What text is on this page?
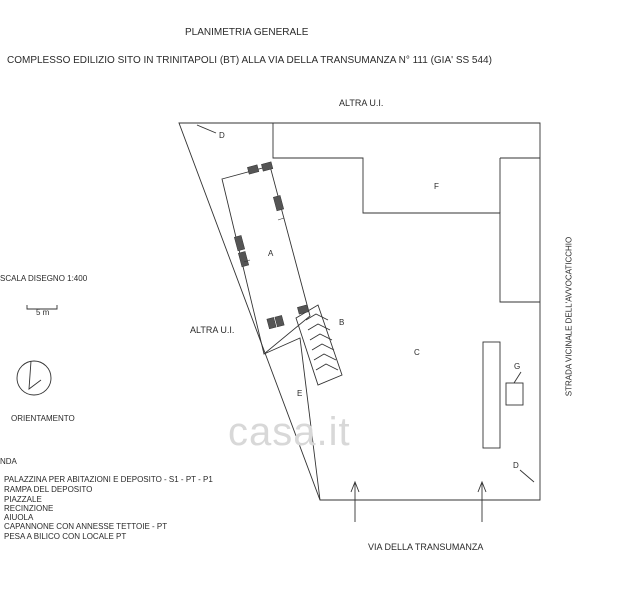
PLANIMETRIA GENERALE
COMPLESSO EDILIZIO SITO IN TRINITAPOLI (BT) ALLA VIA DELLA TRANSUMANZA N° 111 (GIA' SS 544)
casa.it
ALTRA U.I.
ALTRA U.I.
D
D
A
B
C
E
F
G
VIA DELLA TRANSUMANZA
STRADA VICINALE DELL'AVVOCATICCHIO
SCALA DISEGNO 1:400
5 m
ORIENTAMENTO
NDA
PALAZZINA PER ABITAZIONI E DEPOSITO - S1 - PT - P1
RAMPA DEL DEPOSITO
PIAZZALE
RECINZIONE
AIUOLA
CAPANNONE CON ANNESSE TETTOIE - PT
PESA A BILICO CON LOCALE PT
